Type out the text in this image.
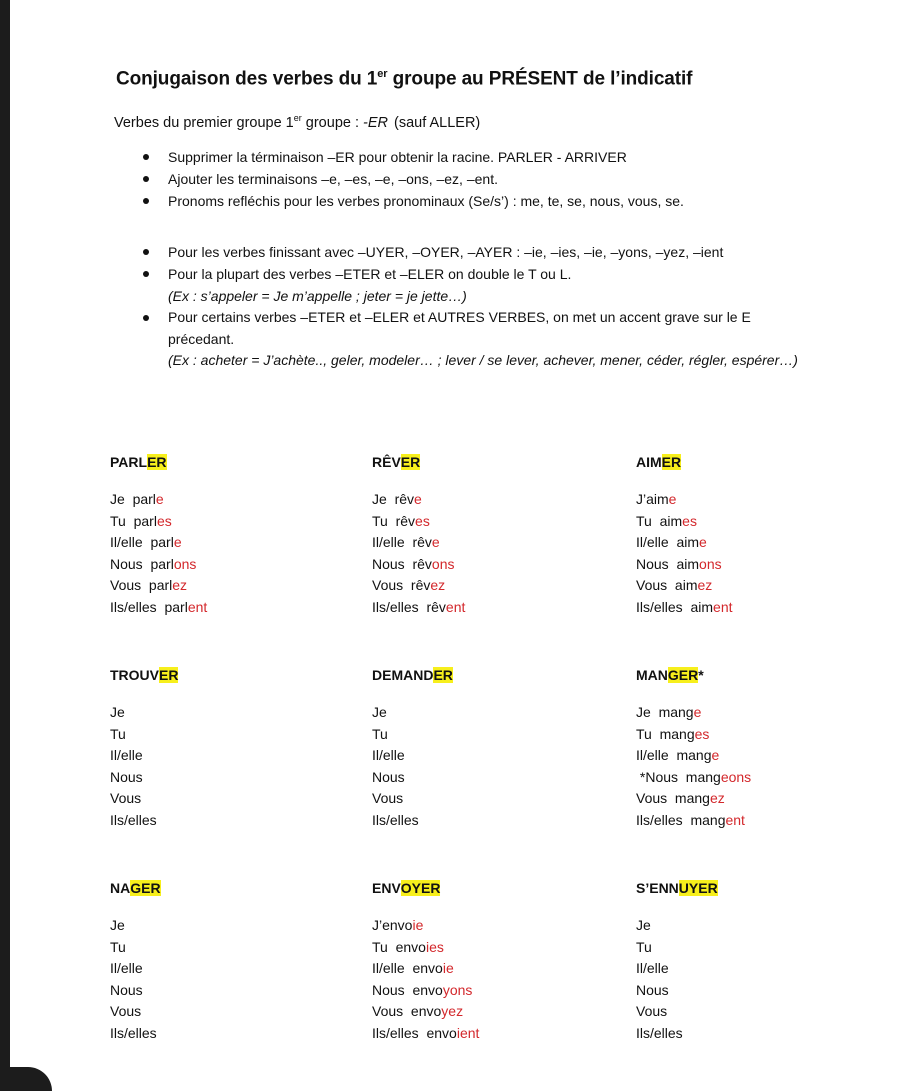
Conjugaison des verbes du 1er groupe au PRÉSENT de l’indicatif
Verbes du premier groupe 1er groupe : -ER (sauf ALLER)
Supprimer la términaison –ER pour obtenir la racine. PARLER - ARRIVER
Ajouter les terminaisons –e, –es, –e, –ons, –ez, –ent.
Pronoms refléchis pour les verbes pronominaux (Se/s’) : me, te, se, nous, vous, se.
Pour les verbes finissant avec –UYER, –OYER, –AYER : –ie, –ies, –ie, –yons, –yez, –ient
Pour la plupart des verbes –ETER et –ELER on double le T ou L.
(Ex : s’appeler = Je m’appelle ; jeter = je jette…)
Pour certains verbes –ETER et –ELER et AUTRES VERBES, on met un accent grave sur le E précedant.
(Ex : acheter = J’achète.., geler, modeler… ; lever / se lever, achever, mener, céder, régler, espérer…)
PARLER
Je  parle
Tu  parles
Il/elle  parle
Nous  parlons
Vous  parlez
Ils/elles  parlent
RÊVER
Je  rêve
Tu  rêves
Il/elle  rêve
Nous  rêvons
Vous  rêvez
Ils/elles  rêvent
AIMER
J’aime
Tu  aimes
Il/elle  aime
Nous  aimons
Vous  aimez
Ils/elles  aiment
TROUVER
Je
Tu
Il/elle
Nous
Vous
Ils/elles
DEMANDER
Je
Tu
Il/elle
Nous
Vous
Ils/elles
MANGER*
Je  mange
Tu  manges
Il/elle  mange
*Nous  mangeons
Vous  mangez
Ils/elles  mangent
NAGER
Je
Tu
Il/elle
Nous
Vous
Ils/elles
ENVOYER
J’envoie
Tu  envoies
Il/elle  envoie
Nous  envoyons
Vous  envoyez
Ils/elles  envoient
S’ENNUYER
Je
Tu
Il/elle
Nous
Vous
Ils/elles
